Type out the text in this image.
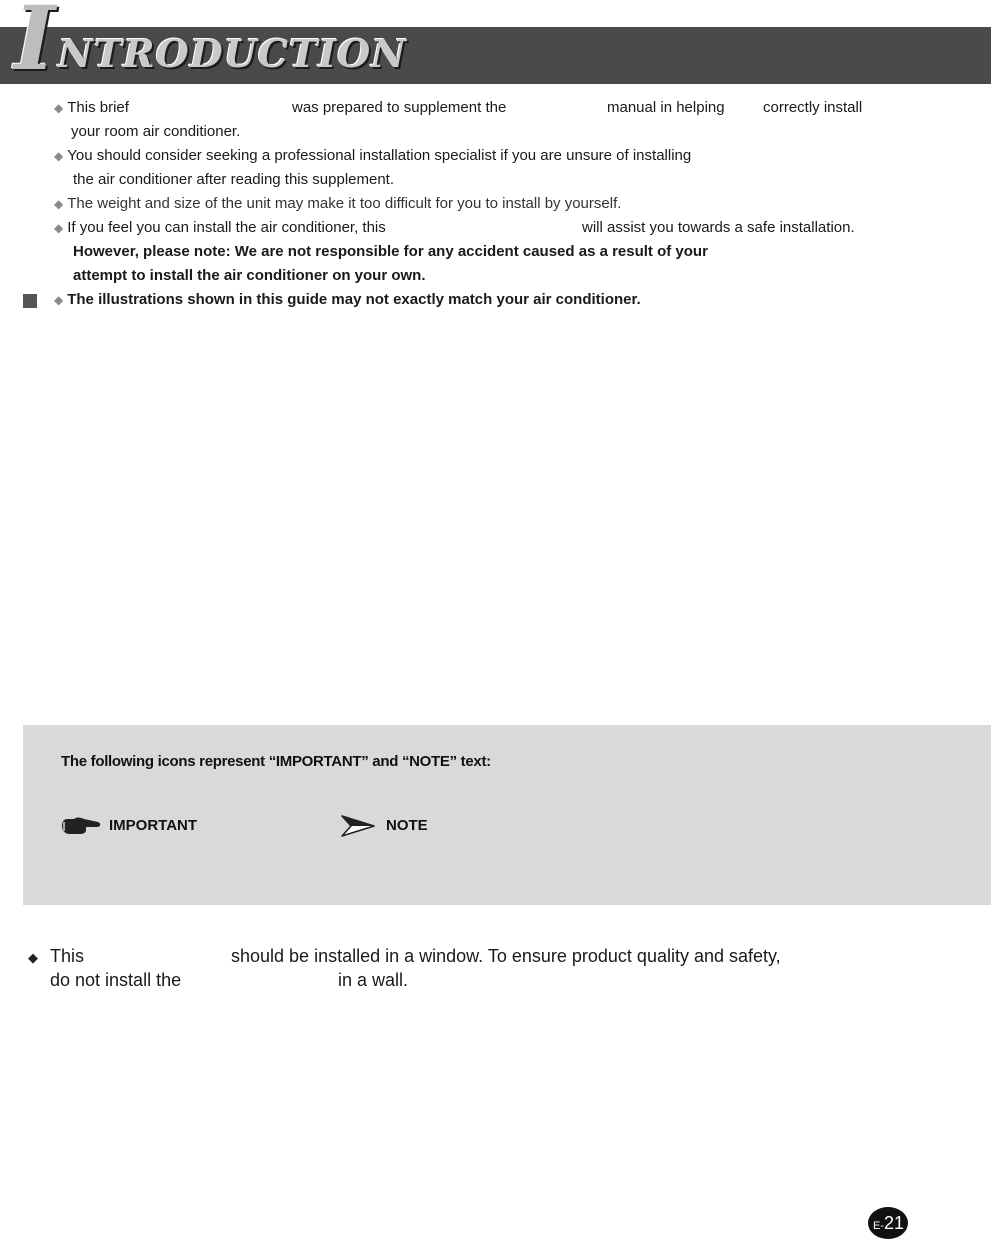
I NTRODUCTION
◆ This brief	was prepared to supplement the	manual in helping	correctly install
your room air conditioner.
◆ You should consider seeking a professional installation specialist if you are unsure of installing
the air conditioner after reading this supplement.
◆ The weight and size of the unit may make it too difficult for you to install by yourself.
◆ If you feel you can install the air conditioner, this	will assist you towards a safe installation.
However, please note: We are not responsible for any accident caused as a result of your
attempt to install the air conditioner on your own.
◆ The illustrations shown in this guide may not exactly match your air conditioner.
The following icons represent “IMPORTANT” and “NOTE” text:
IMPORTANT	NOTE
◆ This	should be installed in a window. To ensure product quality and safety,
do not install the	in a wall.
E-21
